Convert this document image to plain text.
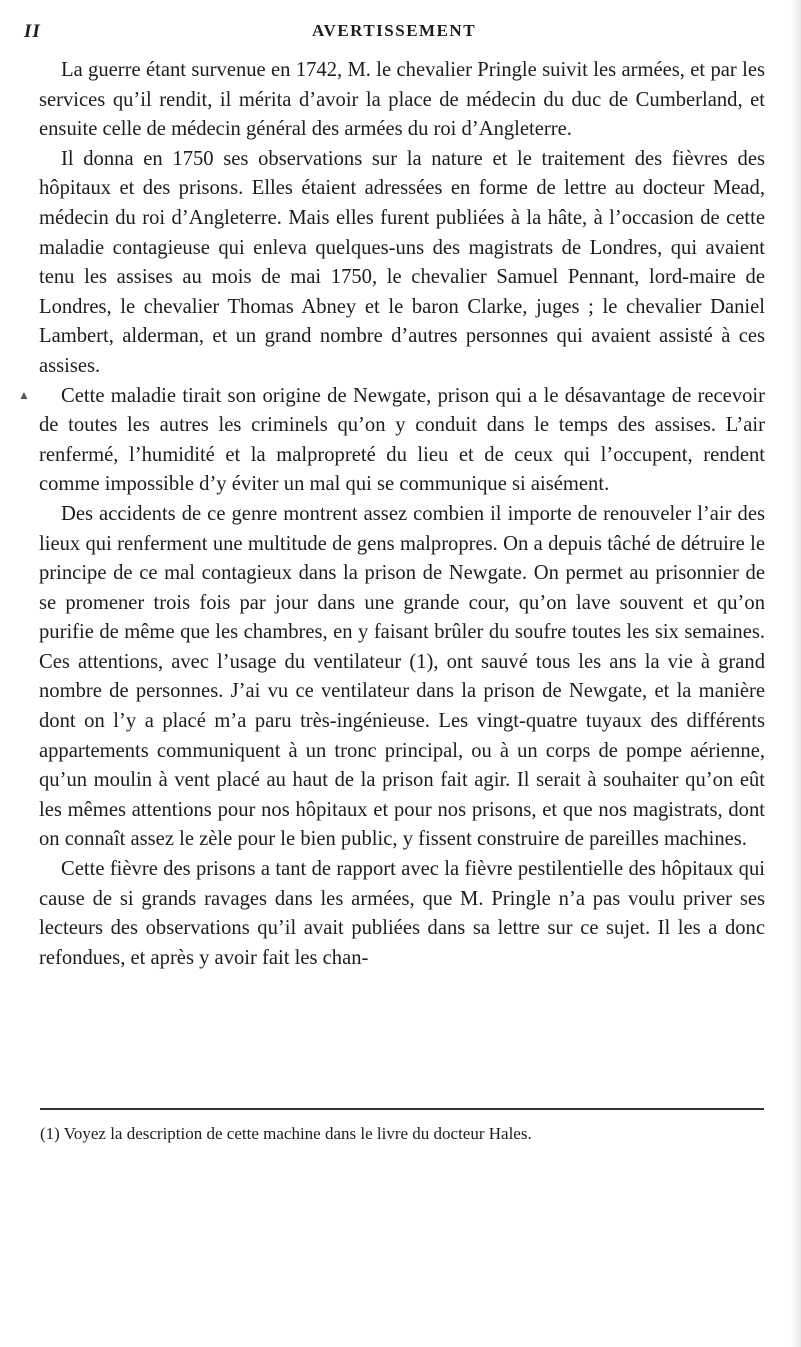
II	AVERTISSEMENT
▲

La guerre étant survenue en 1742, M. le chevalier Pringle suivit les armées, et par les services qu’il rendit, il mérita d’avoir la place de médecin du duc de Cumberland, et ensuite celle de médecin général des armées du roi d’Angleterre.

Il donna en 1750 ses observations sur la nature et le traitement des fièvres des hôpitaux et des prisons. Elles étaient adressées en forme de lettre au docteur Mead, médecin du roi d’Angleterre. Mais elles furent publiées à la hâte, à l’occasion de cette maladie contagieuse qui enleva quelques-uns des magistrats de Londres, qui avaient tenu les assises au mois de mai 1750, le chevalier Samuel Pennant, lord-maire de Londres, le chevalier Thomas Abney et le baron Clarke, juges ; le chevalier Daniel Lambert, alderman, et un grand nombre d’autres personnes qui avaient assisté à ces assises.

Cette maladie tirait son origine de Newgate, prison qui a le désavantage de recevoir de toutes les autres les criminels qu’on y conduit dans le temps des assises. L’air renfermé, l’humidité et la malpropreté du lieu et de ceux qui l’occupent, rendent comme impossible d’y éviter un mal qui se communique si aisément.

Des accidents de ce genre montrent assez combien il importe de renouveler l’air des lieux qui renferment une multitude de gens malpropres. On a depuis tâché de détruire le principe de ce mal contagieux dans la prison de Newgate. On permet au prisonnier de se promener trois fois par jour dans une grande cour, qu’on lave souvent et qu’on purifie de même que les chambres, en y faisant brûler du soufre toutes les six semaines. Ces attentions, avec l’usage du ventilateur (1), ont sauvé tous les ans la vie à grand nombre de personnes. J’ai vu ce ventilateur dans la prison de Newgate, et la manière dont on l’y a placé m’a paru très-ingénieuse. Les vingt-quatre tuyaux des différents appartements communiquent à un tronc principal, ou à un corps de pompe aérienne, qu’un moulin à vent placé au haut de la prison fait agir. Il serait à souhaiter qu’on eût les mêmes attentions pour nos hôpitaux et pour nos prisons, et que nos magistrats, dont on connaît assez le zèle pour le bien public, y fissent construire de pareilles machines.

Cette fièvre des prisons a tant de rapport avec la fièvre pestilentielle des hôpitaux qui cause de si grands ravages dans les armées, que M. Pringle n’a pas voulu priver ses lecteurs des observations qu’il avait publiées dans sa lettre sur ce sujet. Il les a donc refondues, et après y avoir fait les chan-

(1) Voyez la description de cette machine dans le livre du docteur Hales.
